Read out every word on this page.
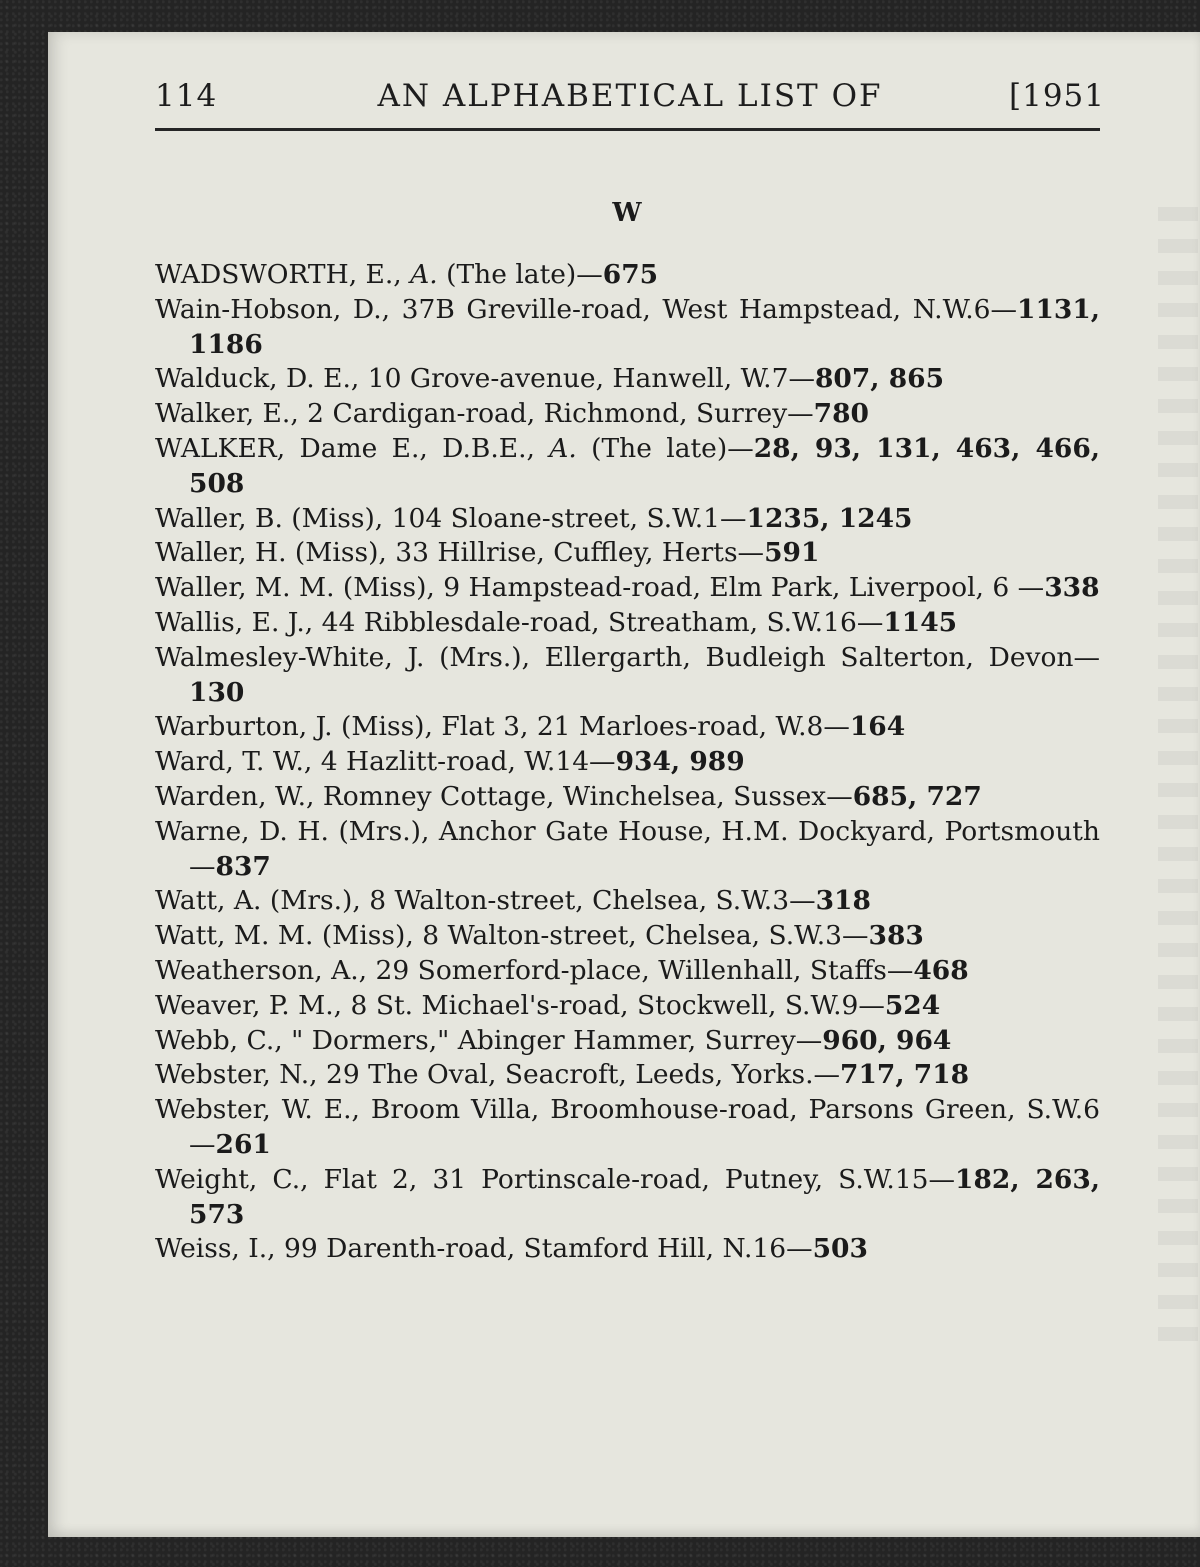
114	AN ALPHABETICAL LIST OF	[1951
W
WADSWORTH, E., A. (The late)—675
Wain-Hobson, D., 37B Greville-road, West Hampstead, N.W.6—1131, 1186
Walduck, D. E., 10 Grove-avenue, Hanwell, W.7—807, 865
Walker, E., 2 Cardigan-road, Richmond, Surrey—780
WALKER, Dame E., D.B.E., A. (The late)—28, 93, 131, 463, 466, 508
Waller, B. (Miss), 104 Sloane-street, S.W.1—1235, 1245
Waller, H. (Miss), 33 Hillrise, Cuffley, Herts—591
Waller, M. M. (Miss), 9 Hampstead-road, Elm Park, Liverpool, 6 —338
Wallis, E. J., 44 Ribblesdale-road, Streatham, S.W.16—1145
Walmesley-White, J. (Mrs.), Ellergarth, Budleigh Salterton, Devon—130
Warburton, J. (Miss), Flat 3, 21 Marloes-road, W.8—164
Ward, T. W., 4 Hazlitt-road, W.14—934, 989
Warden, W., Romney Cottage, Winchelsea, Sussex—685, 727
Warne, D. H. (Mrs.), Anchor Gate House, H.M. Dockyard, Portsmouth—837
Watt, A. (Mrs.), 8 Walton-street, Chelsea, S.W.3—318
Watt, M. M. (Miss), 8 Walton-street, Chelsea, S.W.3—383
Weatherson, A., 29 Somerford-place, Willenhall, Staffs—468
Weaver, P. M., 8 St. Michael's-road, Stockwell, S.W.9—524
Webb, C., " Dormers," Abinger Hammer, Surrey—960, 964
Webster, N., 29 The Oval, Seacroft, Leeds, Yorks.—717, 718
Webster, W. E., Broom Villa, Broomhouse-road, Parsons Green, S.W.6—261
Weight, C., Flat 2, 31 Portinscale-road, Putney, S.W.15—182, 263, 573
Weiss, I., 99 Darenth-road, Stamford Hill, N.16—503
